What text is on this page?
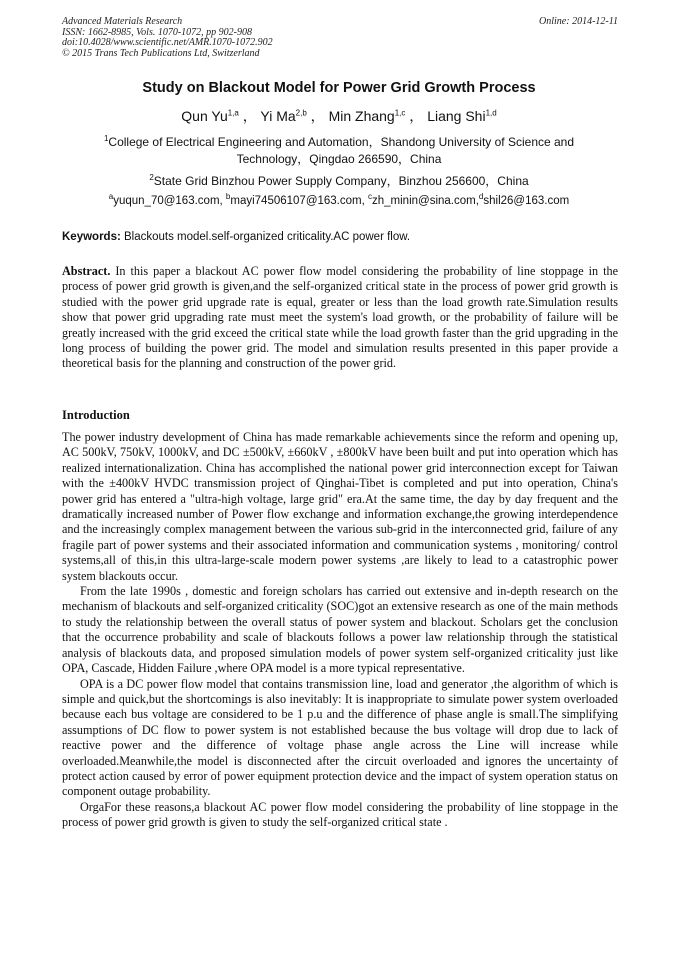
Advanced Materials Research
ISSN: 1662-8985, Vols. 1070-1072, pp 902-908
doi:10.4028/www.scientific.net/AMR.1070-1072.902
© 2015 Trans Tech Publications Ltd, Switzerland
Online: 2014-12-11
Study on Blackout Model for Power Grid Growth Process
Qun Yu$^{1,a}$ ， Yi Ma$^{2,b}$ ， Min Zhang$^{1,c}$ ， Liang Shi$^{1,d}$
$^1$College of Electrical Engineering and Automation，Shandong University of Science and Technology，Qingdao 266590，China
$^2$State Grid Binzhou Power Supply Company，Binzhou 256600，China
$^a$yuqun_70@163.com, $^b$mayi74506107@163.com, $^c$zh_minin@sina.com,$^d$shil26@163.com
Keywords: Blackouts model.self-organized criticality.AC power flow.
Abstract. In this paper a blackout AC power flow model considering the probability of line stoppage in the process of power grid growth is given,and the self-organized critical state in the process of power grid growth is studied with the power grid upgrade rate is equal, greater or less than the load growth rate.Simulation results show that power grid upgrading rate must meet the system's load growth, or the probability of failure will be greatly increased with the grid exceed the critical state while the load growth faster than the grid upgrading in the long process of building the power grid. The model and simulation results presented in this paper provide a theoretical basis for the planning and construction of the power grid.
Introduction

The power industry development of China has made remarkable achievements since the reform and opening up, AC 500kV, 750kV, 1000kV, and DC ±500kV, ±660kV , ±800kV have been built and put into operation which has realized internationalization. China has accomplished the national power grid interconnection except for Taiwan with the ±400kV HVDC transmission project of Qinghai-Tibet is completed and put into operation, China's power grid has entered a "ultra-high voltage, large grid" era.At the same time, the day by day frequent and the dramatically increased number of Power flow exchange and information exchange,the growing interdependence and the increasingly complex management between the various sub-grid in the interconnected grid, failure of any fragile part of power systems and their associated information and communication systems , monitoring/ control systems,all of this,in this ultra-large-scale modern power systems ,are likely to lead to a catastrophic power system blackouts occur.

From the late 1990s , domestic and foreign scholars has carried out extensive and in-depth research on the mechanism of blackouts and self-organized criticality (SOC)got an extensive research as one of the main methods to study the relationship between the overall status of power system and blackout. Scholars get the conclusion that the occurrence probability and scale of blackouts follows a power law relationship through the statistical analysis of blackouts data, and proposed simulation models of power system self-organized criticality just like OPA, Cascade, Hidden Failure ,where OPA model is a more typical representative.

OPA is a DC power flow model that contains transmission line, load and generator ,the algorithm of which is simple and quick,but the shortcomings is also inevitably: It is inappropriate to simulate power system overloaded because each bus voltage are considered to be 1 p.u and the difference of phase angle is small.The simplifying assumptions of DC flow to power system is not established because the bus voltage will drop due to lack of reactive power and the difference of voltage phase angle across the Line will increase while overloaded.Meanwhile,the model is disconnected after the circuit overloaded and ignores the uncertainty of protect action caused by error of power equipment protection device and the impact of system operation status on component outage probability.

OrgaFor these reasons,a blackout AC power flow model considering the probability of line stoppage in the process of power grid growth is given to study the self-organized critical state .
